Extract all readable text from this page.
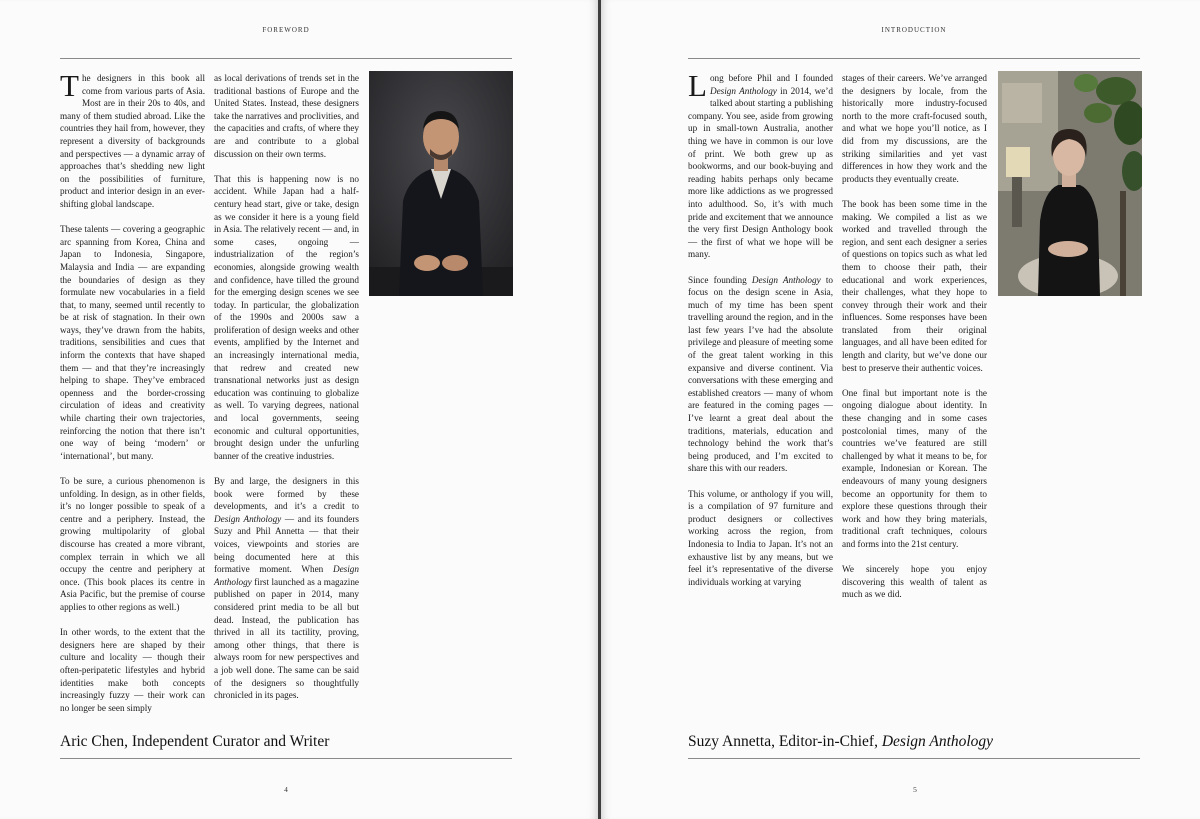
FOREWORD

The designers in this book all come from various parts of Asia. Most are in their 20s to 40s, and many of them studied abroad. Like the countries they hail from, however, they represent a diversity of backgrounds and perspectives — a dynamic array of approaches that’s shedding new light on the possibilities of furniture, product and interior design in an ever-shifting global landscape.

These talents — covering a geographic arc spanning from Korea, China and Japan to Indonesia, Singapore, Malaysia and India — are expanding the boundaries of design as they formulate new vocabularies in a field that, to many, seemed until recently to be at risk of stagnation. In their own ways, they’ve drawn from the habits, traditions, sensibilities and cues that inform the contexts that have shaped them — and that they’re increasingly helping to shape. They’ve embraced openness and the border-crossing circulation of ideas and creativity while charting their own trajectories, reinforcing the notion that there isn’t one way of being ‘modern’ or ‘international’, but many.

To be sure, a curious phenomenon is unfolding. In design, as in other fields, it’s no longer possible to speak of a centre and a periphery. Instead, the growing multipolarity of global discourse has created a more vibrant, complex terrain in which we all occupy the centre and periphery at once. (This book places its centre in Asia Pacific, but the premise of course applies to other regions as well.)

In other words, to the extent that the designers here are shaped by their culture and locality — though their often-peripatetic lifestyles and hybrid identities make both concepts increasingly fuzzy — their work can no longer be seen simply

as local derivations of trends set in the traditional bastions of Europe and the United States. Instead, these designers take the narratives and proclivities, and the capacities and crafts, of where they are and contribute to a global discussion on their own terms.

That this is happening now is no accident. While Japan had a half-century head start, give or take, design as we consider it here is a young field in Asia. The relatively recent — and, in some cases, ongoing — industrialization of the region’s economies, alongside growing wealth and confidence, have tilled the ground for the emerging design scenes we see today. In particular, the globalization of the 1990s and 2000s saw a proliferation of design weeks and other events, amplified by the Internet and an increasingly international media, that redrew and created new transnational networks just as design education was continuing to globalize as well. To varying degrees, national and local governments, seeing economic and cultural opportunities, brought design under the unfurling banner of the creative industries.

By and large, the designers in this book were formed by these developments, and it’s a credit to Design Anthology — and its founders Suzy and Phil Annetta — that their voices, viewpoints and stories are being documented here at this formative moment. When Design Anthology first launched as a magazine published on paper in 2014, many considered print media to be all but dead. Instead, the publication has thrived in all its tactility, proving, among other things, that there is always room for new perspectives and a job well done. The same can be said of the designers so thoughtfully chronicled in its pages.

Aric Chen, Independent Curator and Writer
4
INTRODUCTION

Long before Phil and I founded Design Anthology in 2014, we’d talked about starting a publishing company. You see, aside from growing up in small-town Australia, another thing we have in common is our love of print. We both grew up as bookworms, and our book-buying and reading habits perhaps only became more like addictions as we progressed into adulthood. So, it’s with much pride and excitement that we announce the very first Design Anthology book — the first of what we hope will be many.

Since founding Design Anthology to focus on the design scene in Asia, much of my time has been spent travelling around the region, and in the last few years I’ve had the absolute privilege and pleasure of meeting some of the great talent working in this expansive and diverse continent. Via conversations with these emerging and established creators — many of whom are featured in the coming pages — I’ve learnt a great deal about the traditions, materials, education and technology behind the work that’s being produced, and I’m excited to share this with our readers.

This volume, or anthology if you will, is a compilation of 97 furniture and product designers or collectives working across the region, from Indonesia to India to Japan. It’s not an exhaustive list by any means, but we feel it’s representative of the diverse individuals working at varying

stages of their careers. We’ve arranged the designers by locale, from the historically more industry-focused north to the more craft-focused south, and what we hope you’ll notice, as I did from my discussions, are the striking similarities and yet vast differences in how they work and the products they eventually create.

The book has been some time in the making. We compiled a list as we worked and travelled through the region, and sent each designer a series of questions on topics such as what led them to choose their path, their educational and work experiences, their challenges, what they hope to convey through their work and their influences. Some responses have been translated from their original languages, and all have been edited for length and clarity, but we’ve done our best to preserve their authentic voices.

One final but important note is the ongoing dialogue about identity. In these changing and in some cases postcolonial times, many of the countries we’ve featured are still challenged by what it means to be, for example, Indonesian or Korean. The endeavours of many young designers become an opportunity for them to explore these questions through their work and how they bring materials, traditional craft techniques, colours and forms into the 21st century.

We sincerely hope you enjoy discovering this wealth of talent as much as we did.

Suzy Annetta, Editor-in-Chief, Design Anthology
5
